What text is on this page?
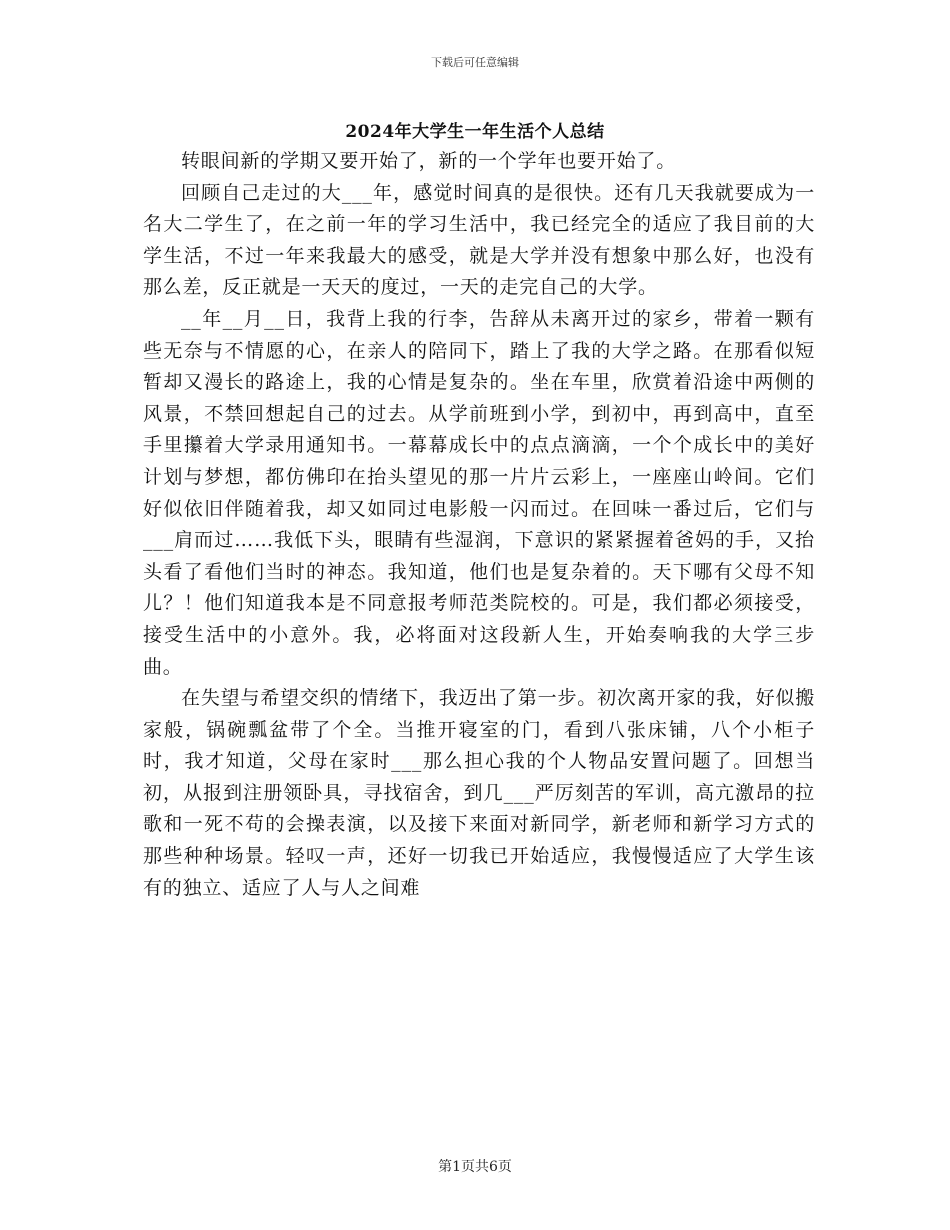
下载后可任意编辑
2024年大学生一年生活个人总结

转眼间新的学期又要开始了，新的一个学年也要开始了。

回顾自己走过的大___年，感觉时间真的是很快。还有几天我就要成为一名大二学生了，在之前一年的学习生活中，我已经完全的适应了我目前的大学生活，不过一年来我最大的感受，就是大学并没有想象中那么好，也没有那么差，反正就是一天天的度过，一天的走完自己的大学。

__年__月__日，我背上我的行李，告辞从未离开过的家乡，带着一颗有些无奈与不情愿的心，在亲人的陪同下，踏上了我的大学之路。在那看似短暂却又漫长的路途上，我的心情是复杂的。坐在车里，欣赏着沿途中两侧的风景，不禁回想起自己的过去。从学前班到小学，到初中，再到高中，直至手里攥着大学录用通知书。一幕幕成长中的点点滴滴，一个个成长中的美好计划与梦想，都仿佛印在抬头望见的那一片片云彩上，一座座山岭间。它们好似依旧伴随着我，却又如同过电影般一闪而过。在回味一番过后，它们与___肩而过……我低下头，眼睛有些湿润，下意识的紧紧握着爸妈的手，又抬头看了看他们当时的神态。我知道，他们也是复杂着的。天下哪有父母不知儿？！他们知道我本是不同意报考师范类院校的。可是，我们都必须接受，接受生活中的小意外。我，必将面对这段新人生，开始奏响我的大学三步曲。

在失望与希望交织的情绪下，我迈出了第一步。初次离开家的我，好似搬家般，锅碗瓢盆带了个全。当推开寝室的门，看到八张床铺，八个小柜子时，我才知道，父母在家时___那么担心我的个人物品安置问题了。回想当初，从报到注册领卧具，寻找宿舍，到几___严厉刻苦的军训，高亢激昂的拉歌和一死不苟的会操表演，以及接下来面对新同学，新老师和新学习方式的那些种种场景。轻叹一声，还好一切我已开始适应，我慢慢适应了大学生该有的独立、适应了人与人之间难

第1页共6页
